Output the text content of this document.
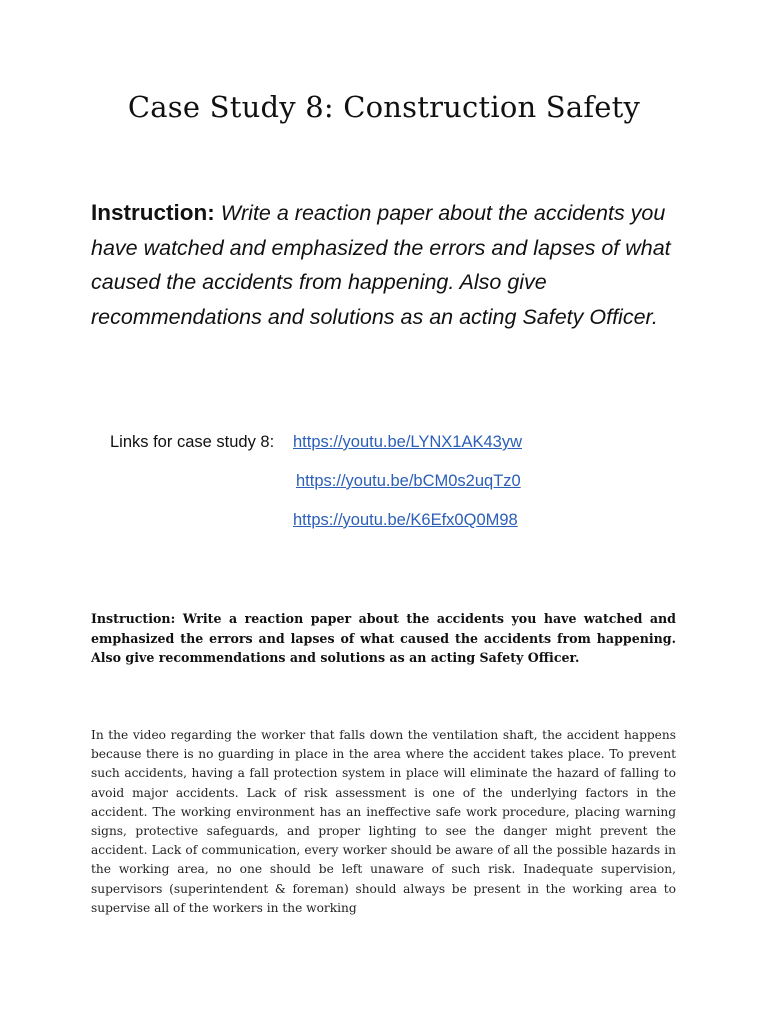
Case Study 8: Construction Safety

Instruction: Write a reaction paper about the accidents you have watched and emphasized the errors and lapses of what caused the accidents from happening. Also give recommendations and solutions as an acting Safety Officer.

Links for case study 8: https://youtu.be/LYNX1AK43yw
https://youtu.be/bCM0s2uqTz0
https://youtu.be/K6Efx0Q0M98

Instruction: Write a reaction paper about the accidents you have watched and emphasized the errors and lapses of what caused the accidents from happening. Also give recommendations and solutions as an acting Safety Officer.

In the video regarding the worker that falls down the ventilation shaft, the accident happens because there is no guarding in place in the area where the accident takes place. To prevent such accidents, having a fall protection system in place will eliminate the hazard of falling to avoid major accidents. Lack of risk assessment is one of the underlying factors in the accident. The working environment has an ineffective safe work procedure, placing warning signs, protective safeguards, and proper lighting to see the danger might prevent the accident. Lack of communication, every worker should be aware of all the possible hazards in the working area, no one should be left unaware of such risk. Inadequate supervision, supervisors (superintendent & foreman) should always be present in the working area to supervise all of the workers in the working
